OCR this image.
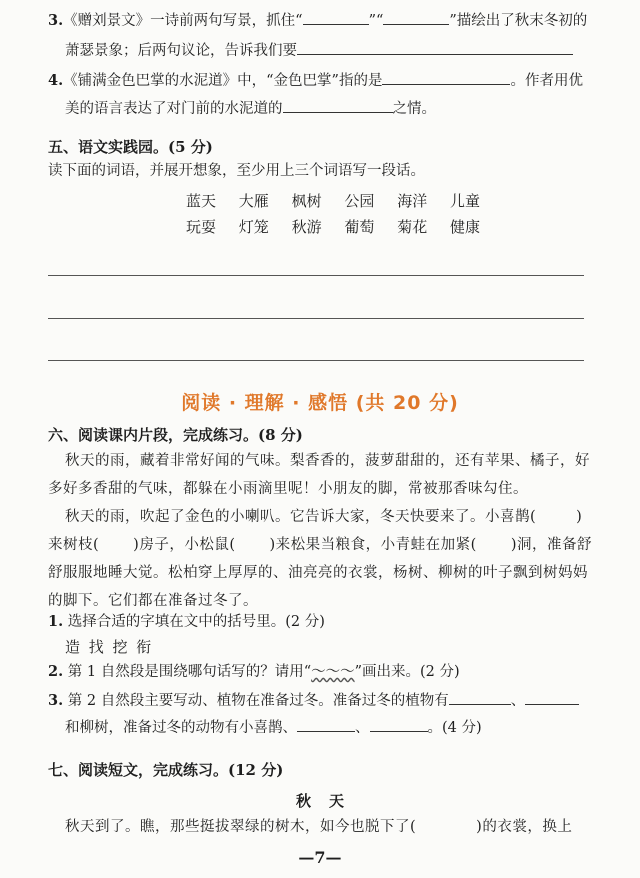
3.《赠刘景文》一诗前两句写景，抓住“	”“	”描绘出了秋末冬初的
萧瑟景象；后两句议论，告诉我们要
4.《铺满金色巴掌的水泥道》中，“金色巴掌”指的是	。作者用优
美的语言表达了对门前的水泥道的	之情。
五、语文实践园。(5 分)
读下面的词语，并展开想象，至少用上三个词语写一段话。
蓝天 大雁 枫树 公园 海洋 儿童
玩耍 灯笼 秋游 葡萄 菊花 健康
阅读 · 理解 · 感悟 (共 20 分)
六、阅读课内片段，完成练习。(8 分)
秋天的雨，藏着非常好闻的气味。梨香香的，菠萝甜甜的，还有苹果、橘子，好
多好多香甜的气味，都躲在小雨滴里呢！小朋友的脚，常被那香味勾住。
秋天的雨，吹起了金色的小喇叭。它告诉大家，冬天快要来了。小喜鹊(	)
来树枝( )房子，小松鼠( )来松果当粮食，小青蛙在加紧( )洞，准备舒
舒服服地睡大觉。松柏穿上厚厚的、油亮亮的衣裳，杨树、柳树的叶子飘到树妈妈
的脚下。它们都在准备过冬了。
1. 选择合适的字填在文中的括号里。(2 分)
造 找 挖 衔
2. 第 1 自然段是围绕哪句话写的？请用“～～～”画出来。(2 分)
3. 第 2 自然段主要写动、植物在准备过冬。准备过冬的植物有	、
和柳树，准备过冬的动物有小喜鹊、	、	。(4 分)
七、阅读短文，完成练习。(12 分)
秋 天
秋天到了。瞧，那些挺拔翠绿的树木，如今也脱下了(	)的衣裳，换上
—7—
